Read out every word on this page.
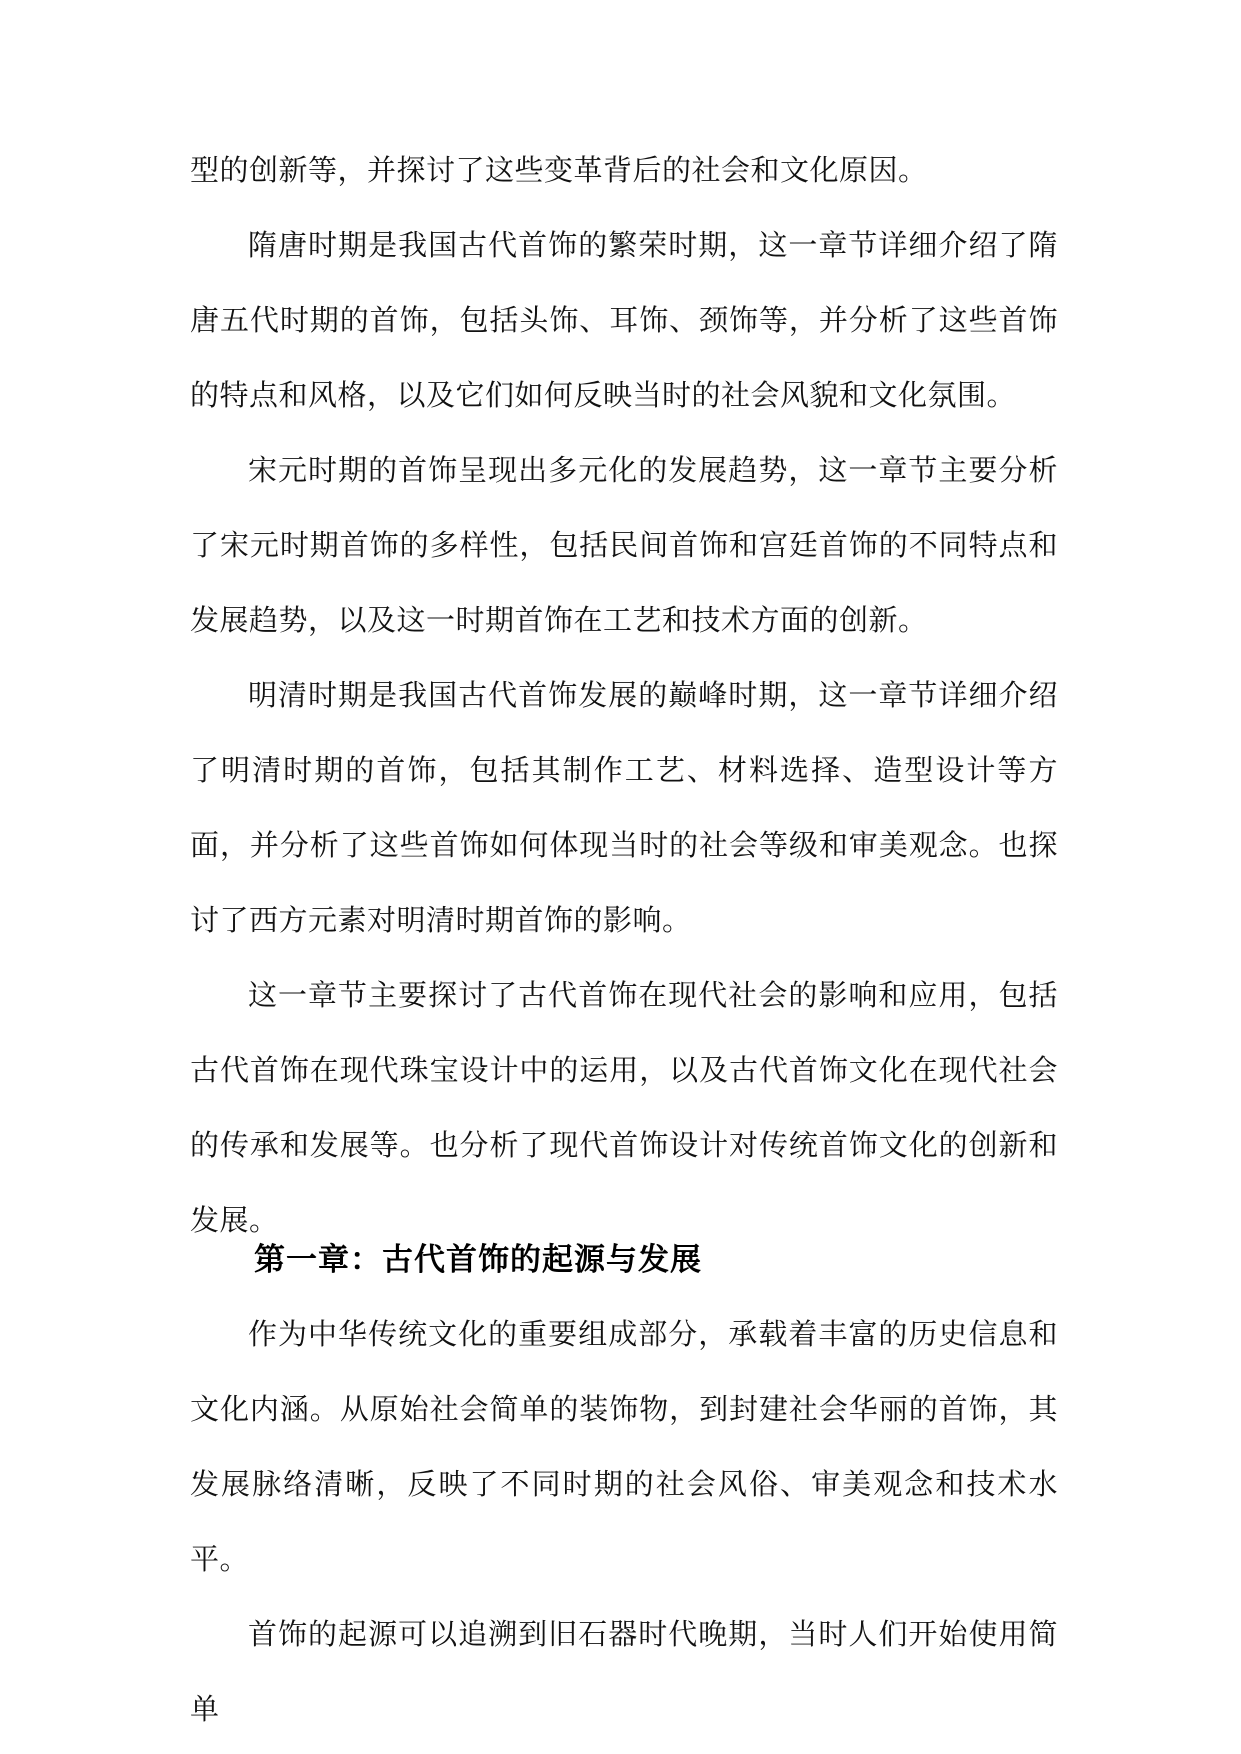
型的创新等，并探讨了这些变革背后的社会和文化原因。

隋唐时期是我国古代首饰的繁荣时期，这一章节详细介绍了隋唐五代时期的首饰，包括头饰、耳饰、颈饰等，并分析了这些首饰的特点和风格，以及它们如何反映当时的社会风貌和文化氛围。

宋元时期的首饰呈现出多元化的发展趋势，这一章节主要分析了宋元时期首饰的多样性，包括民间首饰和宫廷首饰的不同特点和发展趋势，以及这一时期首饰在工艺和技术方面的创新。

明清时期是我国古代首饰发展的巅峰时期，这一章节详细介绍了明清时期的首饰，包括其制作工艺、材料选择、造型设计等方面，并分析了这些首饰如何体现当时的社会等级和审美观念。也探讨了西方元素对明清时期首饰的影响。

这一章节主要探讨了古代首饰在现代社会的影响和应用，包括古代首饰在现代珠宝设计中的运用，以及古代首饰文化在现代社会的传承和发展等。也分析了现代首饰设计对传统首饰文化的创新和发展。

第一章：古代首饰的起源与发展

作为中华传统文化的重要组成部分，承载着丰富的历史信息和文化内涵。从原始社会简单的装饰物，到封建社会华丽的首饰，其发展脉络清晰，反映了不同时期的社会风俗、审美观念和技术水平。

首饰的起源可以追溯到旧石器时代晚期，当时人们开始使用简单
